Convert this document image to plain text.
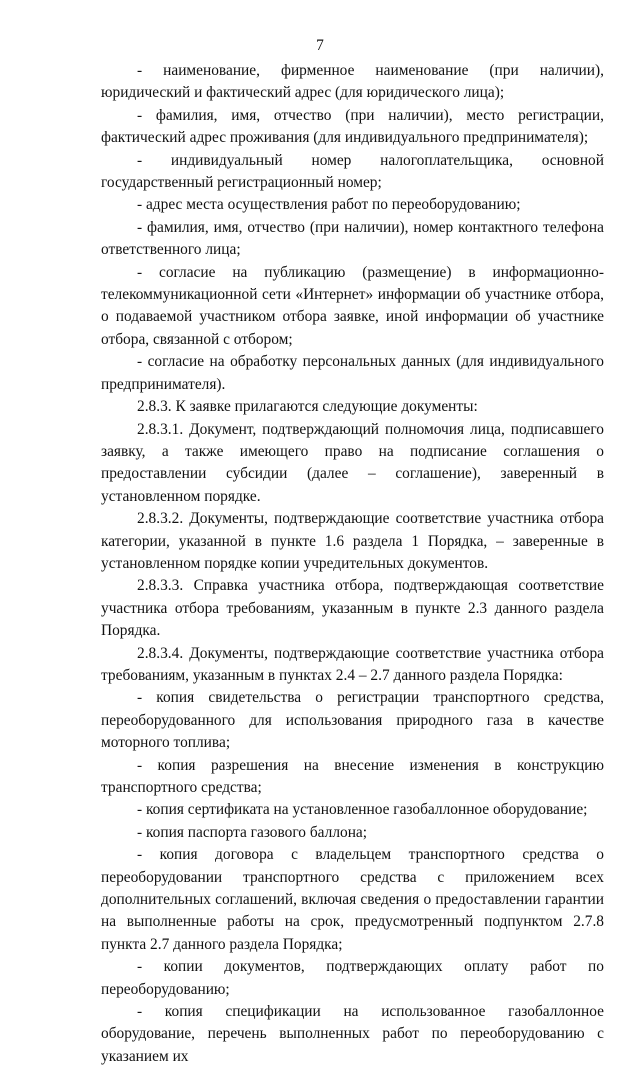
7

- наименование, фирменное наименование (при наличии), юридический и фактический адрес (для юридического лица);

- фамилия, имя, отчество (при наличии), место регистрации, фактический адрес проживания (для индивидуального предпринимателя);

- индивидуальный номер налогоплательщика, основной государственный регистрационный номер;

- адрес места осуществления работ по переоборудованию;

- фамилия, имя, отчество (при наличии), номер контактного телефона ответственного лица;

- согласие на публикацию (размещение) в информационно-телекоммуникационной сети «Интернет» информации об участнике отбора, о подаваемой участником отбора заявке, иной информации об участнике отбора, связанной с отбором;

- согласие на обработку персональных данных (для индивидуального предпринимателя).

2.8.3. К заявке прилагаются следующие документы:

2.8.3.1. Документ, подтверждающий полномочия лица, подписавшего заявку, а также имеющего право на подписание соглашения о предоставлении субсидии (далее – соглашение), заверенный в установленном порядке.

2.8.3.2. Документы, подтверждающие соответствие участника отбора категории, указанной в пункте 1.6 раздела 1 Порядка, – заверенные в установленном порядке копии учредительных документов.

2.8.3.3. Справка участника отбора, подтверждающая соответствие участника отбора требованиям, указанным в пункте 2.3 данного раздела Порядка.

2.8.3.4. Документы, подтверждающие соответствие участника отбора требованиям, указанным в пунктах 2.4 – 2.7 данного раздела Порядка:

- копия свидетельства о регистрации транспортного средства, переоборудованного для использования природного газа в качестве моторного топлива;

- копия разрешения на внесение изменения в конструкцию транспортного средства;

- копия сертификата на установленное газобаллонное оборудование;

- копия паспорта газового баллона;

- копия договора с владельцем транспортного средства о переоборудовании транспортного средства с приложением всех дополнительных соглашений, включая сведения о предоставлении гарантии на выполненные работы на срок, предусмотренный подпунктом 2.7.8 пункта 2.7 данного раздела Порядка;

- копии документов, подтверждающих оплату работ по переоборудованию;

- копия спецификации на использованное газобаллонное оборудование, перечень выполненных работ по переоборудованию с указанием их
